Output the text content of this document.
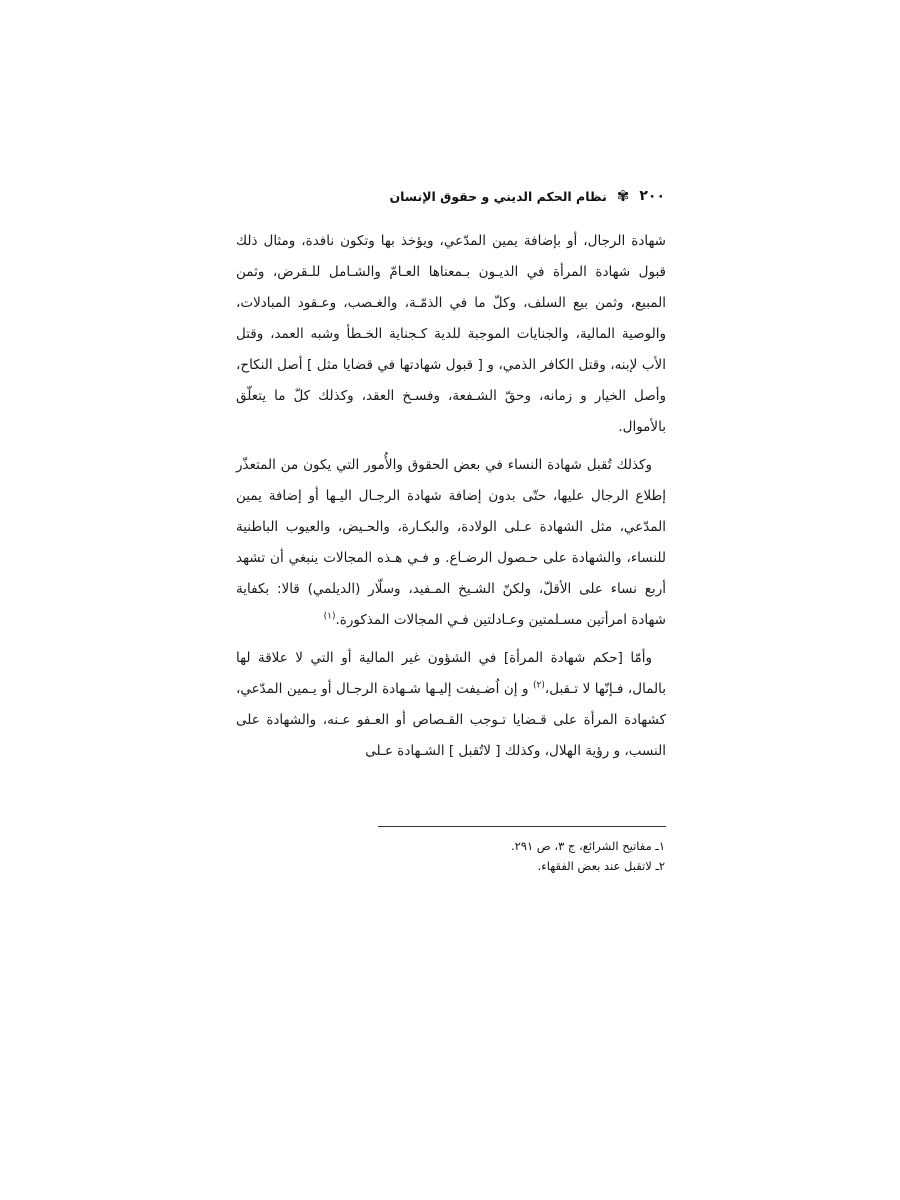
٢٠٠
✾
نظام الحكم الديني و حقوق الإنسان

شهادة الرجال، أو بإضافة يمين المدّعي، ويؤخذ بها وتكون نافدة، ومثال ذلك قبول شهادة المرأة في الديـون بـمعناها العـامّ والشـامل للـقرض، وثمن المبيع، وثمن بيع السلف، وكلّ ما في الذمّـة، والغـصب، وعـقود المبادلات، والوصية المالية، والجنايات الموجبة للدية كـجناية الخـطأ وشبه العمد، وقتل الأب لإبنه، وقتل الكافر الذمي، و [ قبول شهادتها في قضايا مثل ] أصل النكاح، وأصل الخيار و زمانه، وحقّ الشـفعة، وفسـخ العقد، وكذلك كلّ ما يتعلّق بالأموال.

وكذلك تُقبل شهادة النساء في بعض الحقوق والأُمور التي يكون من المتعذّر إطلاع الرجال عليها، حتّى بدون إضافة شهادة الرجـال اليـها أو إضافة يمين المدّعي، مثل الشهادة عـلى الولادة، والبكـارة، والحـيض، والعيوب الباطنية للنساء، والشهادة على حـصول الرضـاع. و فـي هـذه المجالات ينبغي أن تشهد أربع نساء على الأقلّ، ولكنّ الشـيخ المـفيد، وسلّار (الديلمي) قالا: بكفاية شهادة امرأتين مسـلمتين وعـادلتين فـي المجالات المذكورة.$^{(١)}$

وأمّا [حكم شهادة المرأة] في الشؤون غير المالية أو التي لا علاقة لها بالمال، فـإنّها لا تـقبل،$^{(٢)}$ و إن اُضـيفت إليـها شـهادة الرجـال أو يـمين المدّعي، كشهادة المرأة على قـضايا تـوجب القـصاص أو العـفو عـنه، والشهادة على النسب، و رؤية الهلال، وكذلك [ لاتُقبل ] الشـهادة عـلى

١ـ مفاتيح الشرائع، ج ٣، ص ٢٩١.
٢ـ لاتقبل عند بعض الفقهاء.
